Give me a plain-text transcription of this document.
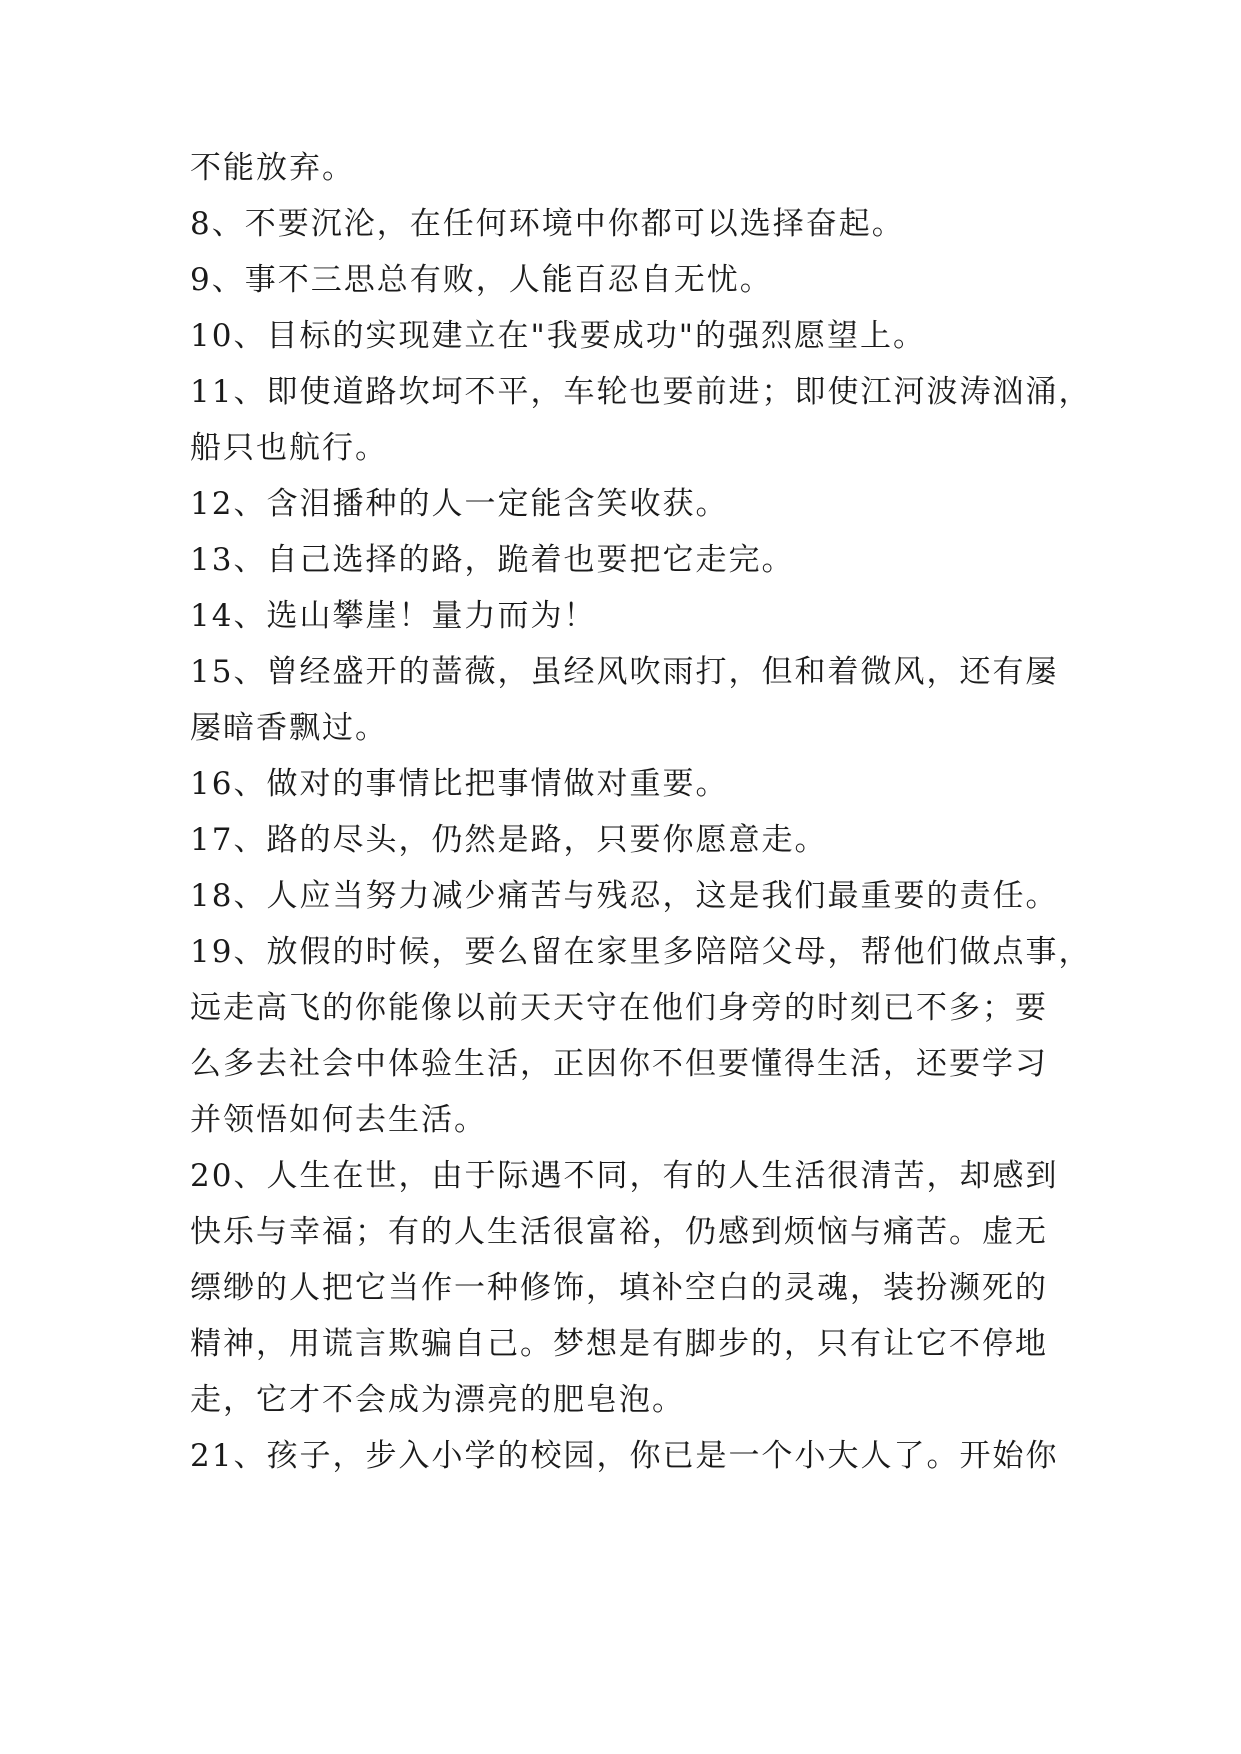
不能放弃。
8、不要沉沦，在任何环境中你都可以选择奋起。
9、事不三思总有败，人能百忍自无忧。
10、目标的实现建立在"我要成功"的强烈愿望上。
11、即使道路坎坷不平，车轮也要前进；即使江河波涛汹涌，
船只也航行。
12、含泪播种的人一定能含笑收获。
13、自己选择的路，跪着也要把它走完。
14、选山攀崖！量力而为！
15、曾经盛开的蔷薇，虽经风吹雨打，但和着微风，还有屡
屡暗香飘过。
16、做对的事情比把事情做对重要。
17、路的尽头，仍然是路，只要你愿意走。
18、人应当努力减少痛苦与残忍，这是我们最重要的责任。
19、放假的时候，要么留在家里多陪陪父母，帮他们做点事，
远走高飞的你能像以前天天守在他们身旁的时刻已不多；要
么多去社会中体验生活，正因你不但要懂得生活，还要学习
并领悟如何去生活。
20、人生在世，由于际遇不同，有的人生活很清苦，却感到
快乐与幸福；有的人生活很富裕，仍感到烦恼与痛苦。虚无
缥缈的人把它当作一种修饰，填补空白的灵魂，装扮濒死的
精神，用谎言欺骗自己。梦想是有脚步的，只有让它不停地
走，它才不会成为漂亮的肥皂泡。
21、孩子，步入小学的校园，你已是一个小大人了。开始你
